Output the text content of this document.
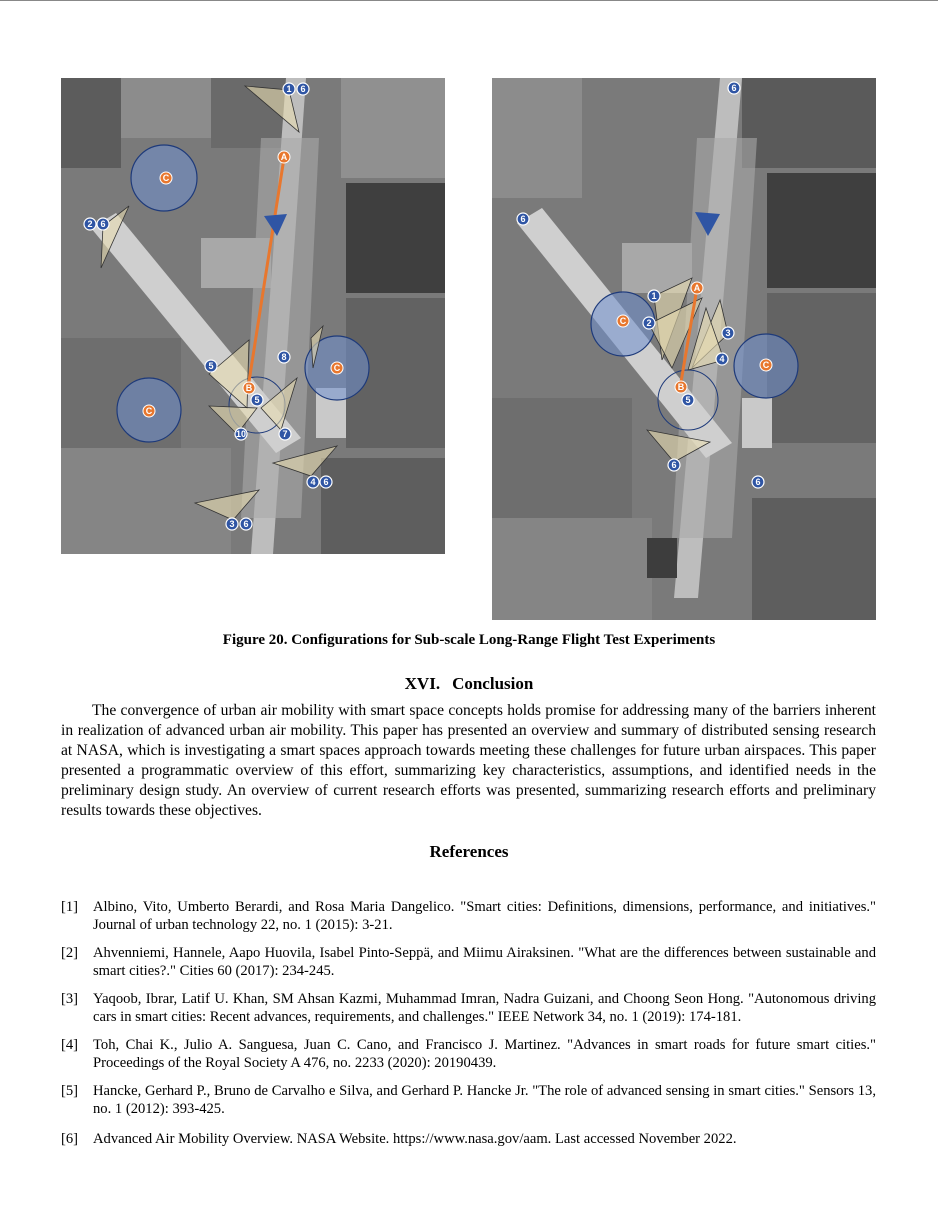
A
B
C
C
C
1 6
2 6
5
8
5
10	7
4 6
3 6
A
B
C
C
6
6
1
2
3
4
5
6
6
Figure 20. Configurations for Sub-scale Long-Range Flight Test Experiments
XVI. Conclusion

The convergence of urban air mobility with smart space concepts holds promise for addressing many of the barriers inherent in realization of advanced urban air mobility. This paper has presented an overview and summary of distributed sensing research at NASA, which is investigating a smart spaces approach towards meeting these challenges for future urban airspaces. This paper presented a programmatic overview of this effort, summarizing key characteristics, assumptions, and identified needs in the preliminary design study. An overview of current research efforts was presented, summarizing research efforts and preliminary results towards these objectives.

References
[1] Albino, Vito, Umberto Berardi, and Rosa Maria Dangelico. "Smart cities: Definitions, dimensions, performance, and initiatives." Journal of urban technology 22, no. 1 (2015): 3-21.
[2] Ahvenniemi, Hannele, Aapo Huovila, Isabel Pinto-Seppä, and Miimu Airaksinen. "What are the differences between sustainable and smart cities?." Cities 60 (2017): 234-245.
[3] Yaqoob, Ibrar, Latif U. Khan, SM Ahsan Kazmi, Muhammad Imran, Nadra Guizani, and Choong Seon Hong. "Autonomous driving cars in smart cities: Recent advances, requirements, and challenges." IEEE Network 34, no. 1 (2019): 174-181.
[4] Toh, Chai K., Julio A. Sanguesa, Juan C. Cano, and Francisco J. Martinez. "Advances in smart roads for future smart cities." Proceedings of the Royal Society A 476, no. 2233 (2020): 20190439.
[5] Hancke, Gerhard P., Bruno de Carvalho e Silva, and Gerhard P. Hancke Jr. "The role of advanced sensing in smart cities." Sensors 13, no. 1 (2012): 393-425.
[6] Advanced Air Mobility Overview. NASA Website. https://www.nasa.gov/aam. Last accessed November 2022.
